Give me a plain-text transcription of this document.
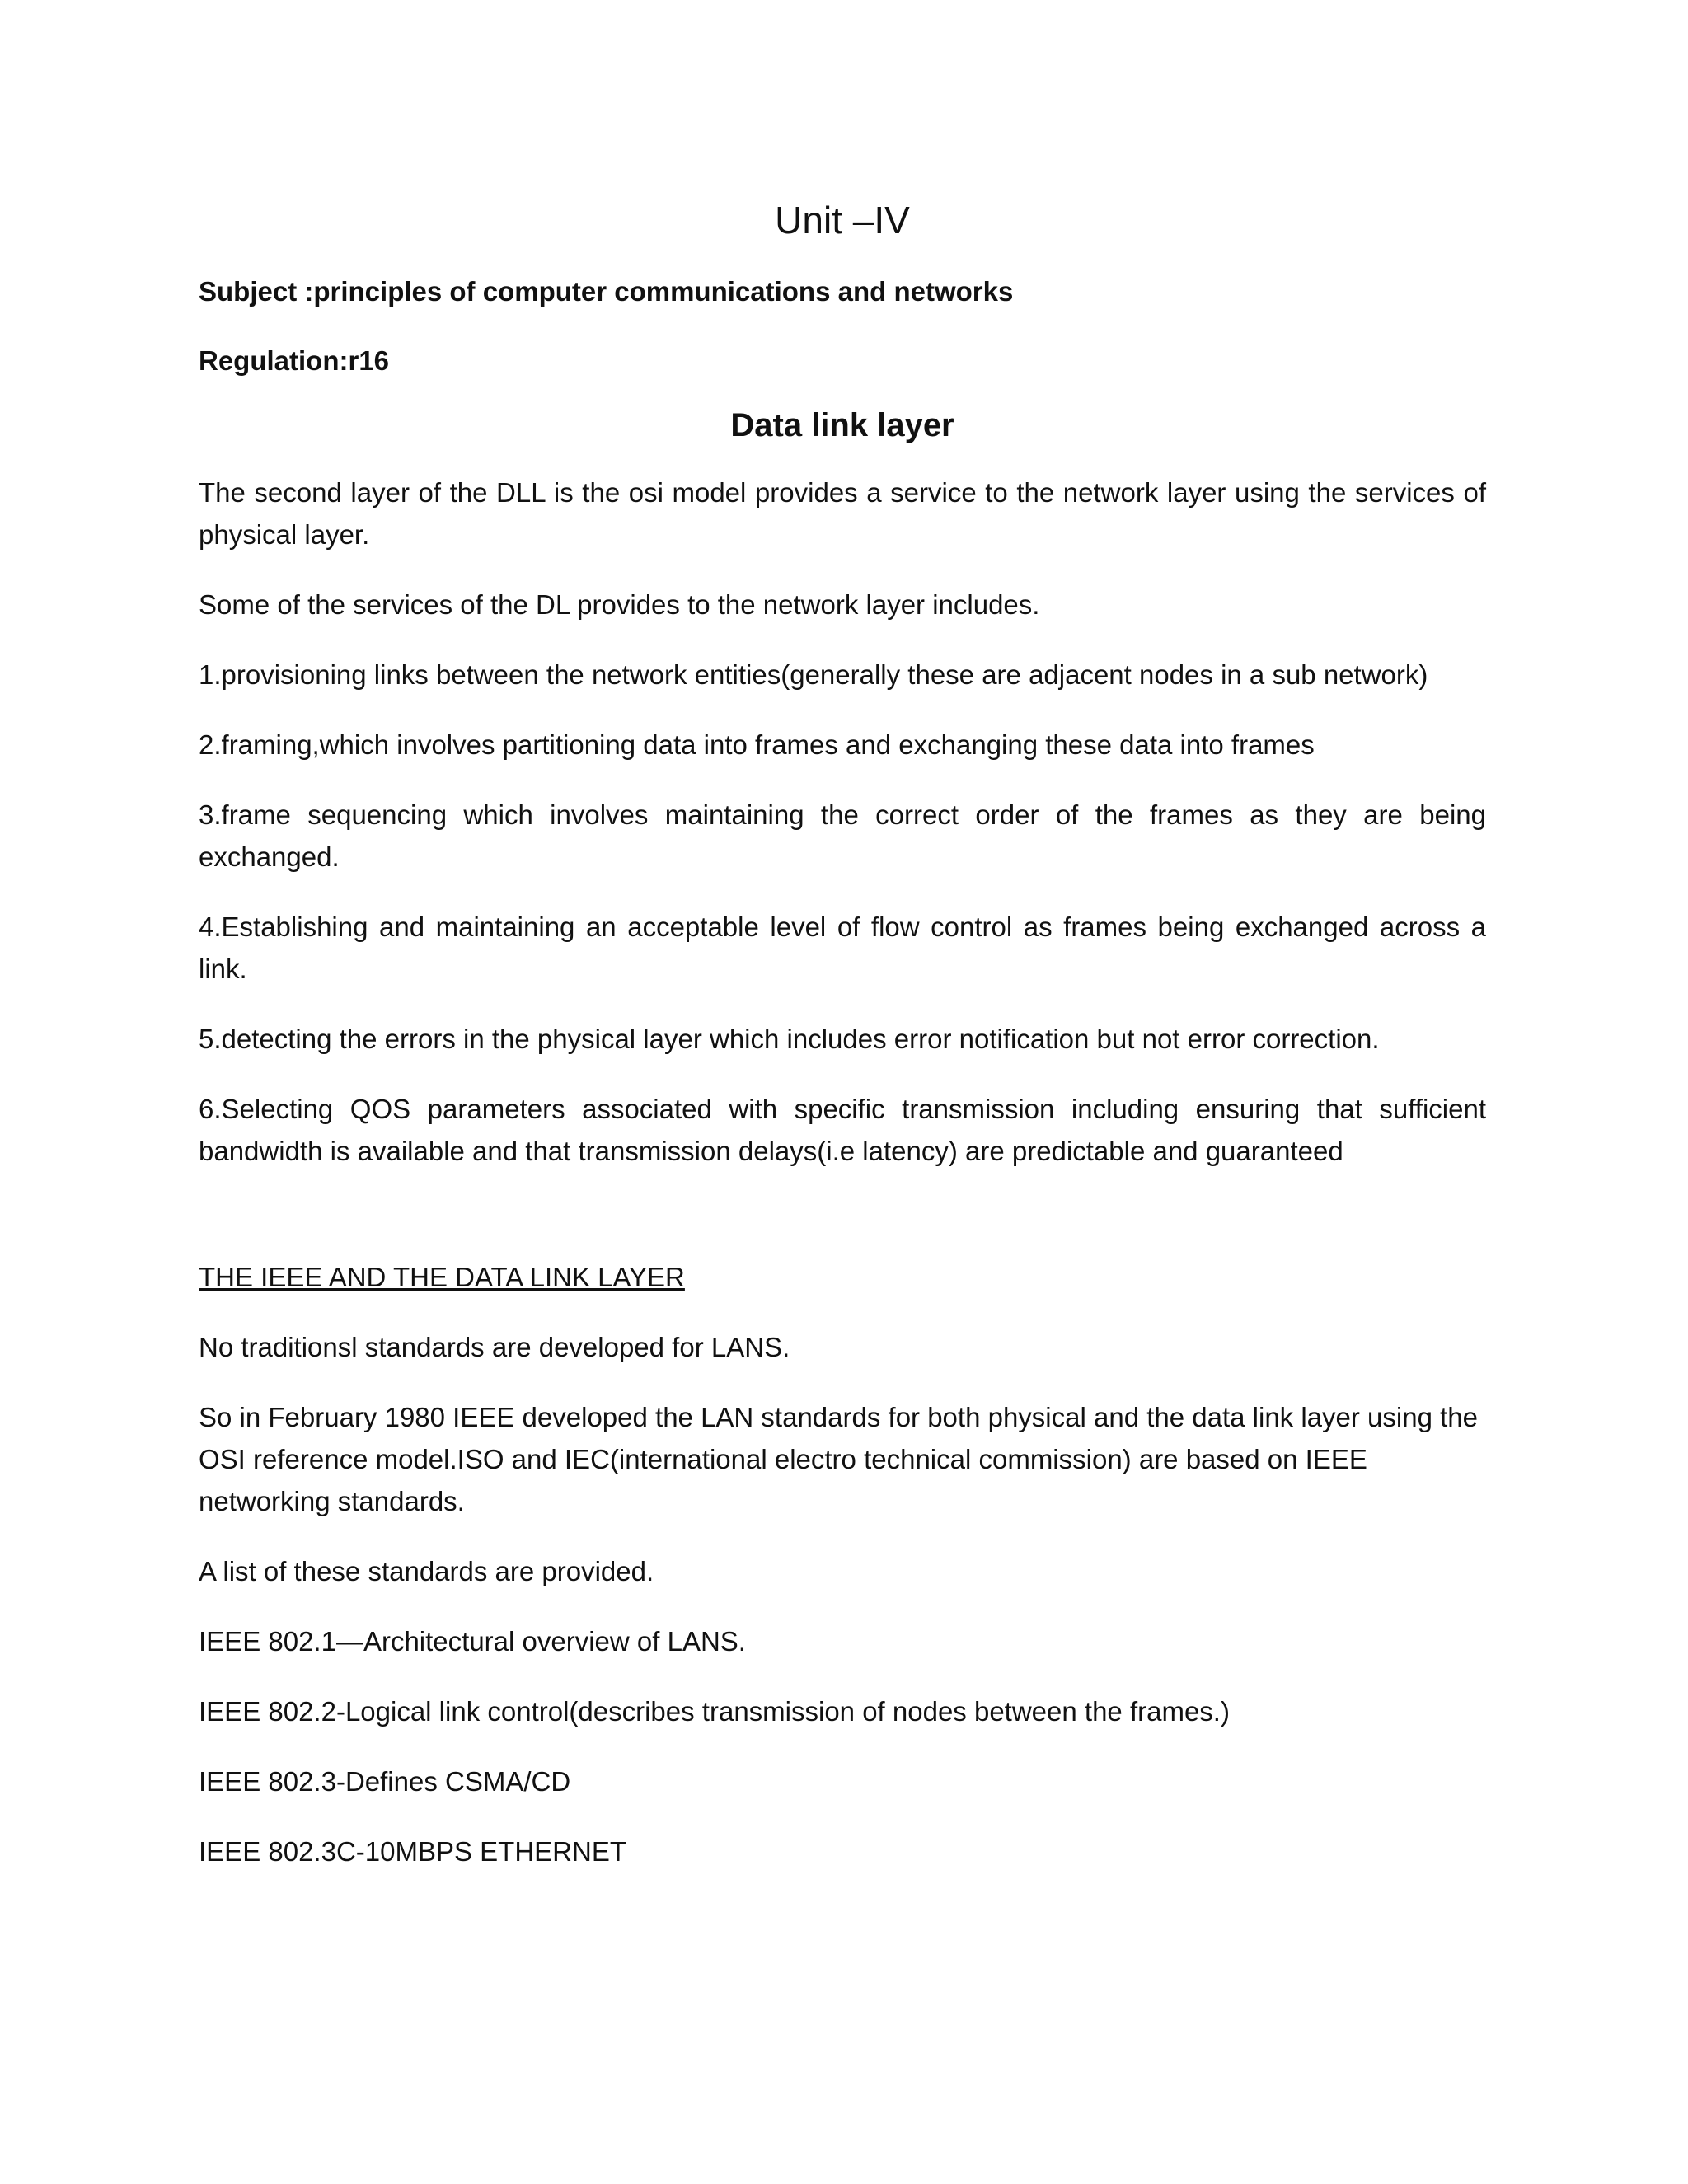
Unit –IV
Subject :principles of computer communications and networks
Regulation:r16
Data link layer

The second layer of the DLL is the osi model provides a service to the network layer using the services of physical layer.

Some of the services of the DL provides to the network layer includes.

1.provisioning links between the network entities(generally these are adjacent nodes in a sub network)
2.framing,which involves partitioning data into frames and exchanging these data into frames
3.frame sequencing which involves maintaining the correct order of the frames as they are being exchanged.
4.Establishing and maintaining an acceptable level of flow control as frames being exchanged across a link.
5.detecting the errors in the physical layer which includes error notification but not error correction.
6.Selecting QOS parameters associated with specific transmission including ensuring that sufficient bandwidth is available and that transmission delays(i.e latency) are predictable and guaranteed
THE IEEE AND THE DATA LINK LAYER

No traditionsl standards are developed for LANS.

So in February 1980 IEEE developed the LAN standards for both physical and the data link layer using the OSI reference model.ISO and IEC(international electro technical commission) are based on IEEE networking standards.

A list of these standards are provided.

IEEE 802.1—Architectural overview of LANS.
IEEE 802.2-Logical link control(describes transmission of nodes between the frames.)
IEEE 802.3-Defines CSMA/CD
IEEE 802.3C-10MBPS ETHERNET
